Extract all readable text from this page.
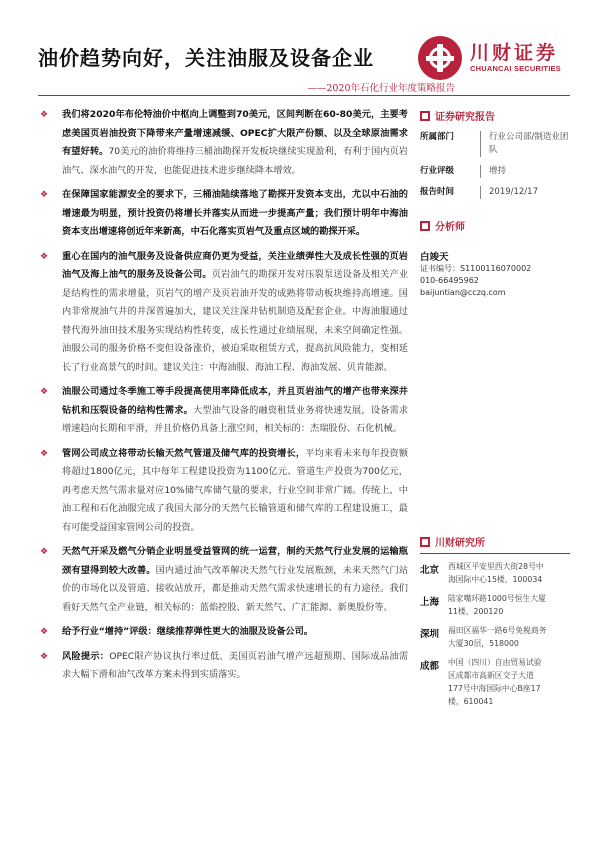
油价趋势向好，关注油服及设备企业
——2020年石化行业年度策略报告
川财证券
CHUANCAI SECURITIES
❖ 我们将2020年布伦特油价中枢向上调整到70美元，区间判断在60-80美元，主要考虑美国页岩油投资下降带来产量增速减缓、OPEC扩大限产份额、以及全球原油需求有望好转。70美元的油价将维持三桶油勘探开发板块继续实现盈利，有利于国内页岩油气、深水油气的开发，也能促进技术进步继续降本增效。
❖ 在保障国家能源安全的要求下，三桶油陆续落地了勘探开发资本支出，尤以中石油的增速最为明显，预计投资仍将增长并落实从而进一步提高产量；我们预计明年中海油资本支出增速将创近年来新高，中石化落实页岩气及重点区域的勘探开采。
❖ 重心在国内的油气服务及设备供应商仍更为受益，关注业绩弹性大及成长性强的页岩油气及海上油气的服务及设备公司。页岩油气的勘探开发对压裂泵送设备及相关产业是结构性的需求增量，页岩气的增产及页岩油开发的成熟将带动板块维持高增速。国内非常规油气井的井深普遍加大，建议关注深井钻机制造及配套企业。中海油服通过替代海外油田技术服务实现结构性转变，成长性通过业绩展现，未来空间确定性强。油服公司的服务价格不变但设备涨价，被迫采取租赁方式，提高抗风险能力，变相延长了行业高景气的时间。建议关注：中海油服、海油工程、海油发展、贝肯能源。
❖ 油服公司通过冬季施工等手段提高使用率降低成本，并且页岩油气的增产也带来深井钻机和压裂设备的结构性需求。大型油气设备的融资租赁业务将快速发展，设备需求增速趋向长期和平滑，并且价格仍具备上涨空间，相关标的：杰瑞股份、石化机械。
❖ 管网公司成立将带动长输天然气管道及储气库的投资增长，平均来看未来每年投资额将超过1800亿元，其中每年工程建设投资为1100亿元、管道生产投资为700亿元，再考虑天然气需求量对应10%储气库储气量的要求，行业空间非常广阔。传统上，中油工程和石化油服完成了我国大部分的天然气长输管道和储气库的工程建设施工，最有可能受益国家管网公司的投资。
❖ 天然气开采及燃气分销企业明显受益管网的统一运营，制约天然气行业发展的运输瓶颈有望得到较大改善。国内通过油气改革解决天然气行业发展瓶颈，未来天然气门站价的市场化以及管道、接收站放开，都是推动天然气需求快速增长的有力途径。我们看好天然气全产业链，相关标的：蓝焰控股、新天然气、广汇能源、新奥股份等。
❖ 给予行业“增持”评级：继续推荐弹性更大的油服及设备公司。
❖ 风险提示：OPEC限产协议执行率过低、美国页岩油气增产远超预期、国际成品油需求大幅下滑和油气改革方案未得到实质落实。
证券研究报告
所属部门	行业公司部/制造业团队
行业评级	增持
报告时间	2019/12/17
分析师
白竣天
证书编号：S1100116070002
010-66495962
baijuntian@cczq.com
川财研究所
北京	西城区平安里西大街28号中
海国际中心15楼，100034
上海	陆家嘴环路1000号恒生大厦
11楼，200120
深圳	福田区福华一路6号免税商务
大厦30层，518000
成都	中国（四川）自由贸易试验
区成都市高新区交子大道
177号中海国际中心B座17
楼，610041
